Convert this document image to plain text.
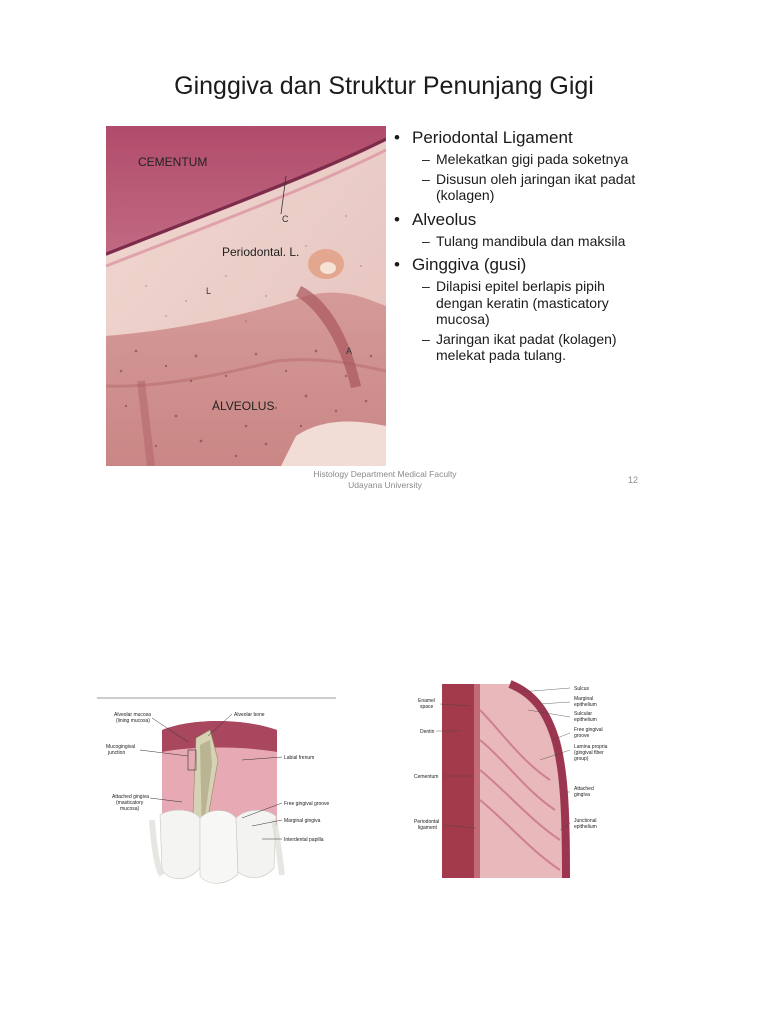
Ginggiva dan Struktur Penunjang Gigi
CEMENTUM
Periodontal. L.
ALVEOLUS
C
L
A
• Periodontal Ligament
– Melekatkan gigi pada soketnya
– Disusun oleh jaringan ikat padat (kolagen)
• Alveolus
– Tulang mandibula dan maksila
• Ginggiva (gusi)
– Dilapisi epitel berlapis pipih dengan keratin (masticatory mucosa)
– Jaringan ikat padat (kolagen) melekat pada tulang.
Histology Department Medical Faculty
Udayana University	12
Alveolar mucosa
(lining mucosa)
Alveolar bone
Mucogingival
junction
Labial frenum
Attached gingiva
(masticatory
mucosa)
Free gingival groove
Marginal gingiva
Interdental papilla
Enamel
space
Dentin
Cementum
Periodontal
ligament
Sulcus
Marginal
epithelium
Sulcular
epithelium
Free gingival
groove
Lamina propria
(gingival fiber
group)
Attached
gingiva
Junctional
epithelium
